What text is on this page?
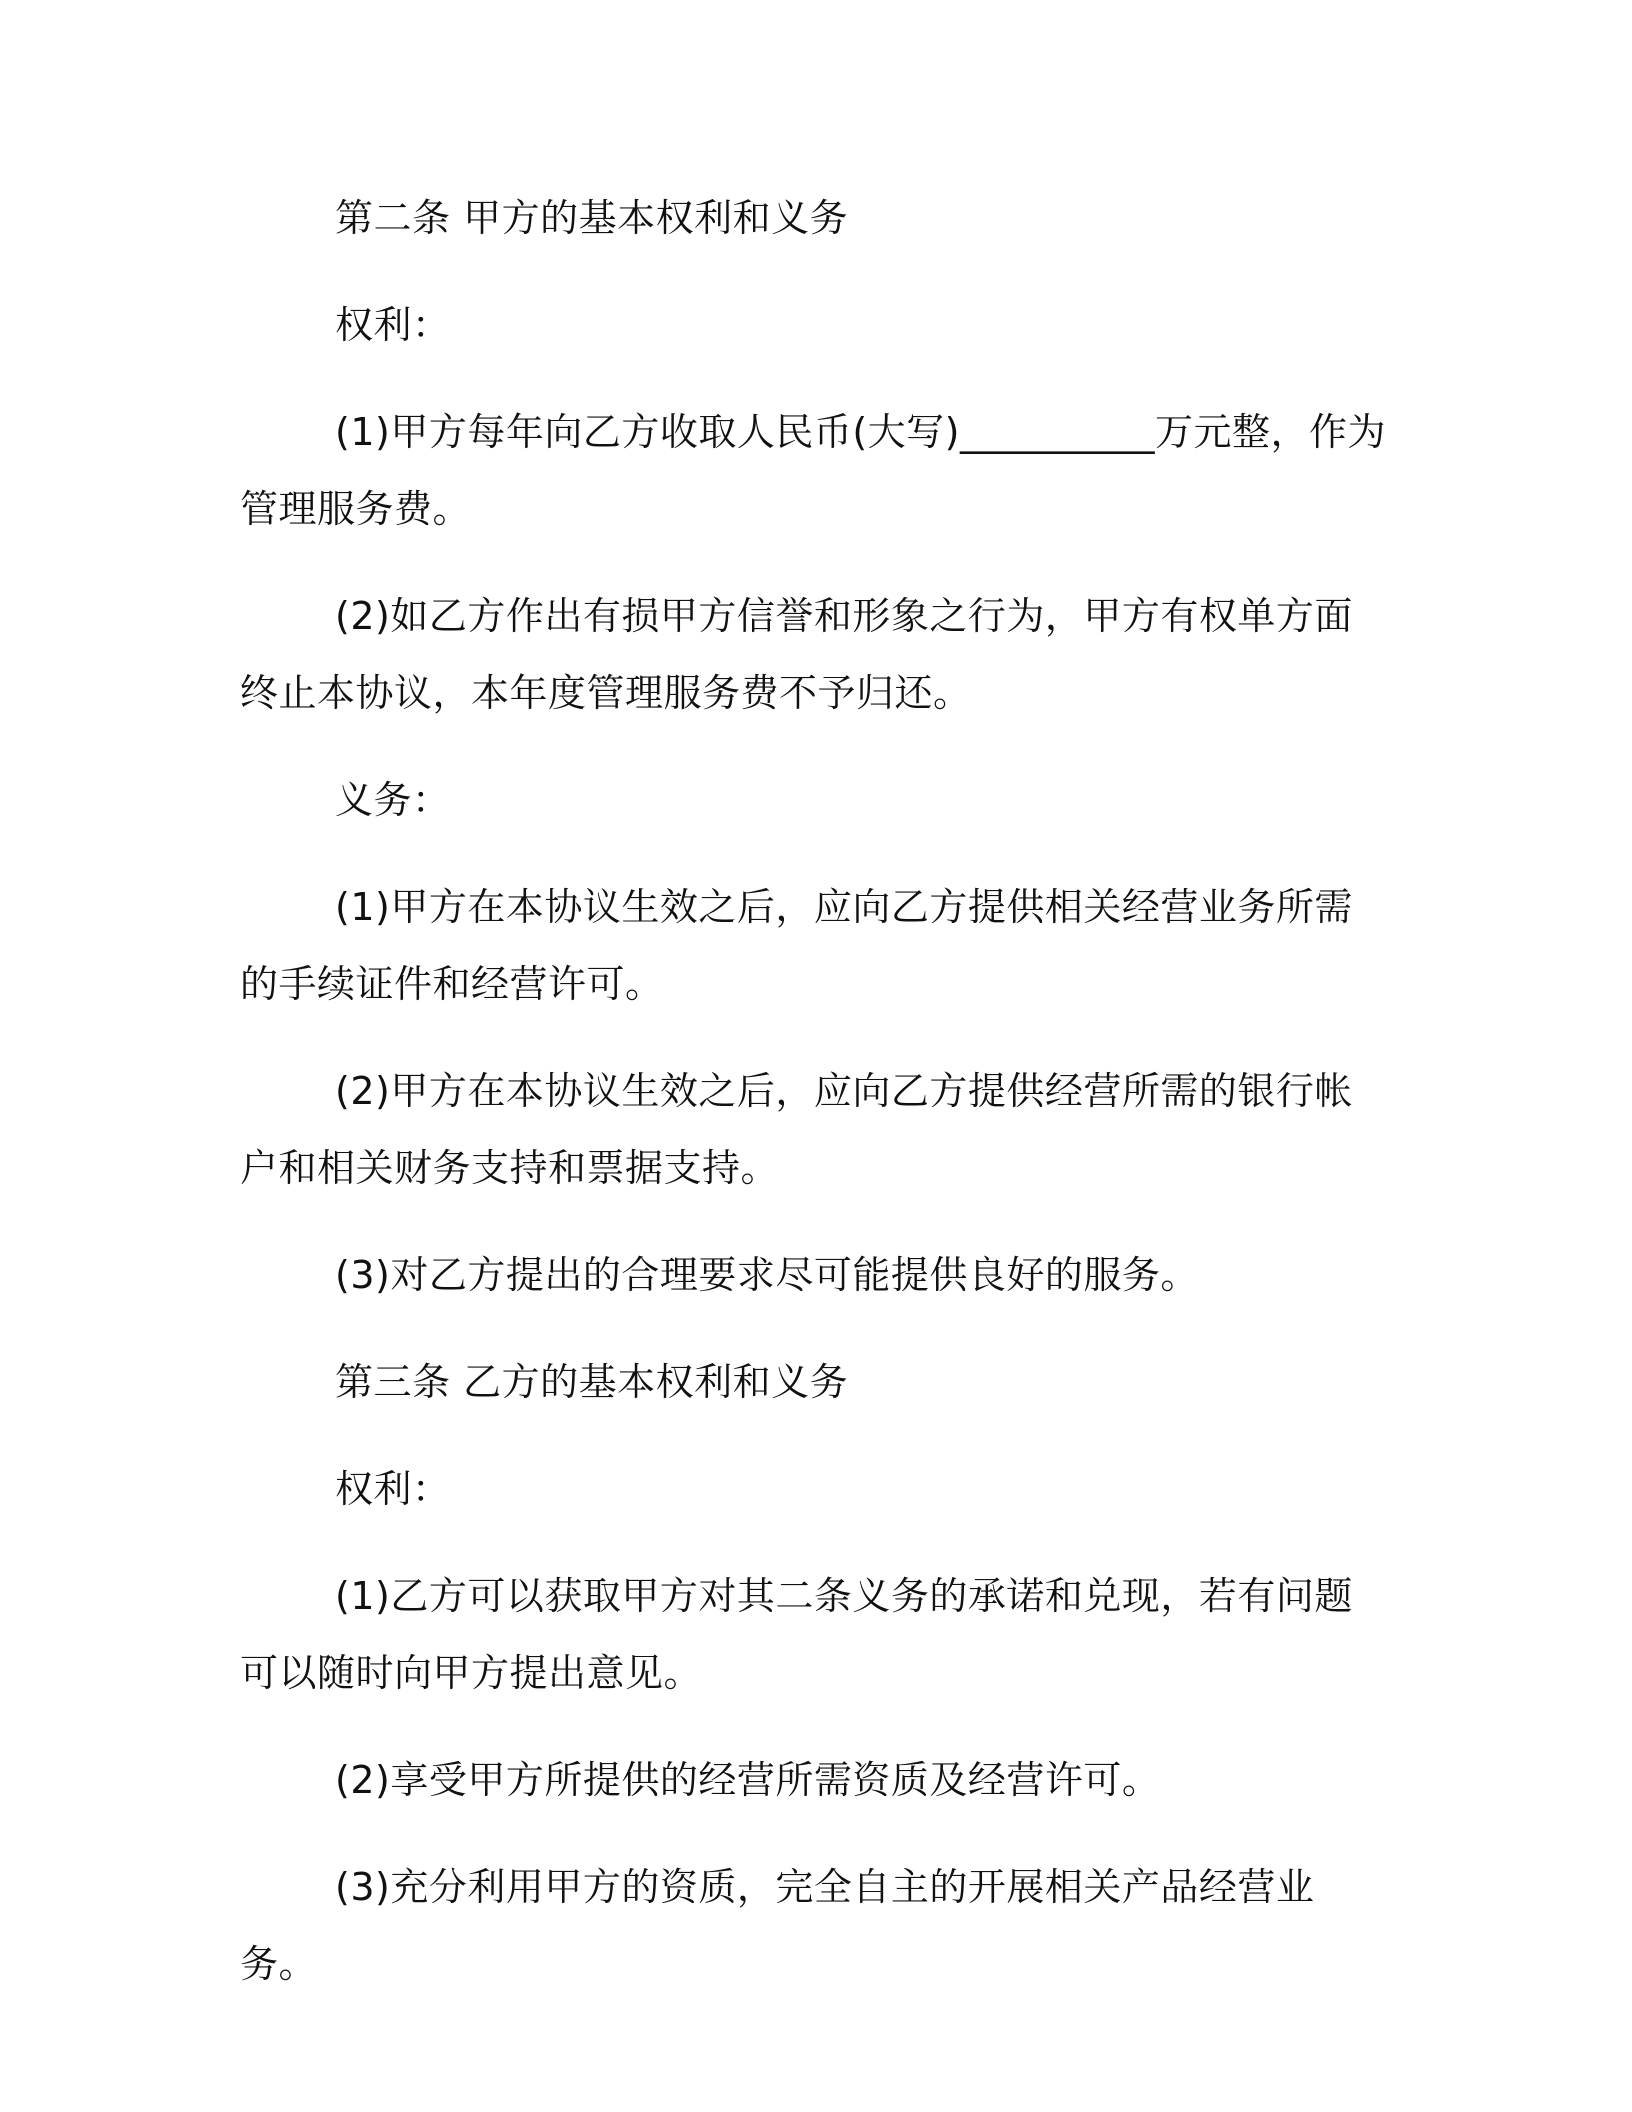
第二条 甲方的基本权利和义务

权利：

(1)甲方每年向乙方收取人民币(大写)__________万元整，作为管理服务费。

(2)如乙方作出有损甲方信誉和形象之行为，甲方有权单方面终止本协议，本年度管理服务费不予归还。

义务：

(1)甲方在本协议生效之后，应向乙方提供相关经营业务所需的手续证件和经营许可。

(2)甲方在本协议生效之后，应向乙方提供经营所需的银行帐户和相关财务支持和票据支持。

(3)对乙方提出的合理要求尽可能提供良好的服务。

第三条 乙方的基本权利和义务

权利：

(1)乙方可以获取甲方对其二条义务的承诺和兑现，若有问题可以随时向甲方提出意见。

(2)享受甲方所提供的经营所需资质及经营许可。

(3)充分利用甲方的资质，完全自主的开展相关产品经营业务。
